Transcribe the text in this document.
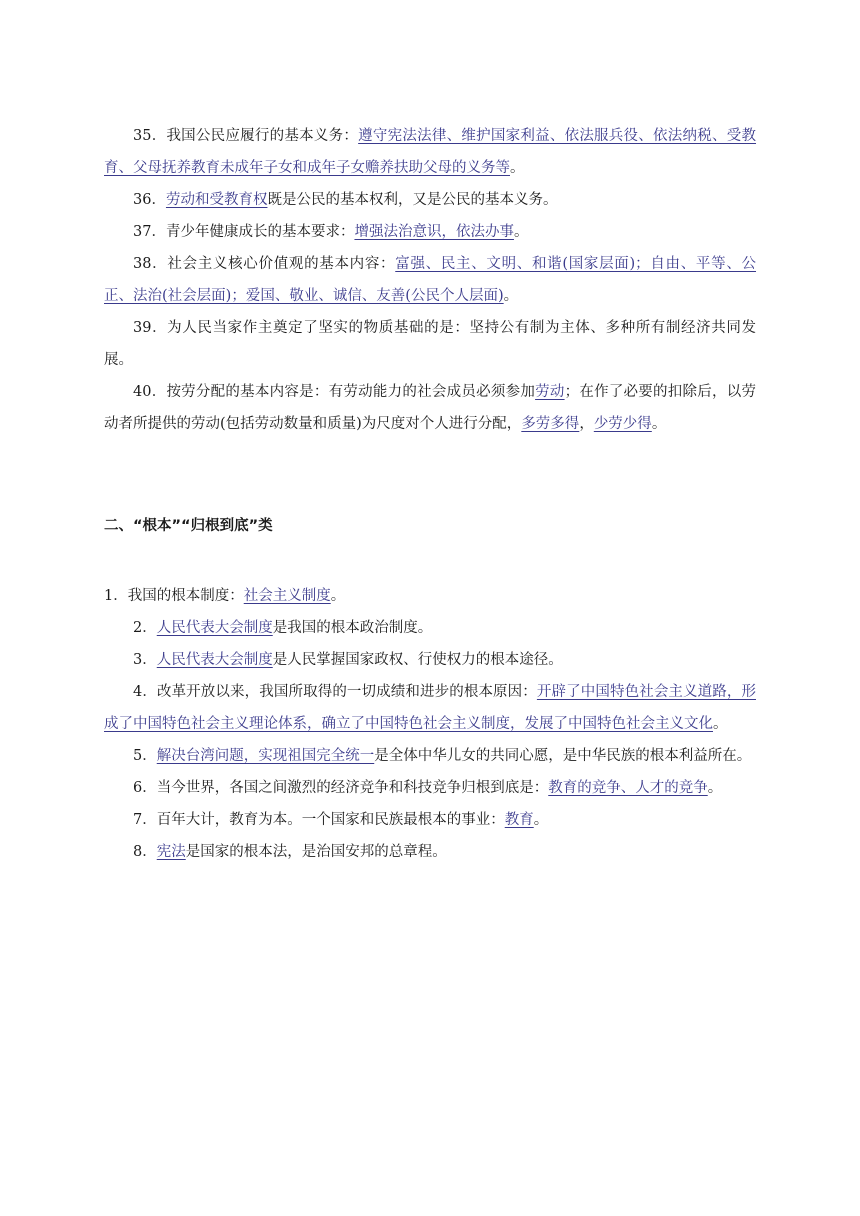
35．我国公民应履行的基本义务：遵守宪法法律、维护国家利益、依法服兵役、依法纳税、受教育、父母抚养教育未成年子女和成年子女赡养扶助父母的义务等。

36．劳动和受教育权既是公民的基本权利，又是公民的基本义务。

37．青少年健康成长的基本要求：增强法治意识，依法办事。

38．社会主义核心价值观的基本内容：富强、民主、文明、和谐(国家层面)；自由、平等、公正、法治(社会层面)；爱国、敬业、诚信、友善(公民个人层面)。

39．为人民当家作主奠定了坚实的物质基础的是：坚持公有制为主体、多种所有制经济共同发展。

40．按劳分配的基本内容是：有劳动能力的社会成员必须参加劳动；在作了必要的扣除后，以劳动者所提供的劳动(包括劳动数量和质量)为尺度对个人进行分配，多劳多得，少劳少得。

二、“根本”“归根到底”类

1．我国的根本制度：社会主义制度。

2．人民代表大会制度是我国的根本政治制度。

3．人民代表大会制度是人民掌握国家政权、行使权力的根本途径。

4．改革开放以来，我国所取得的一切成绩和进步的根本原因：开辟了中国特色社会主义道路，形成了中国特色社会主义理论体系，确立了中国特色社会主义制度，发展了中国特色社会主义文化。

5．解决台湾问题，实现祖国完全统一是全体中华儿女的共同心愿，是中华民族的根本利益所在。

6．当今世界，各国之间激烈的经济竞争和科技竞争归根到底是：教育的竞争、人才的竞争。

7．百年大计，教育为本。一个国家和民族最根本的事业：教育。

8．宪法是国家的根本法，是治国安邦的总章程。
